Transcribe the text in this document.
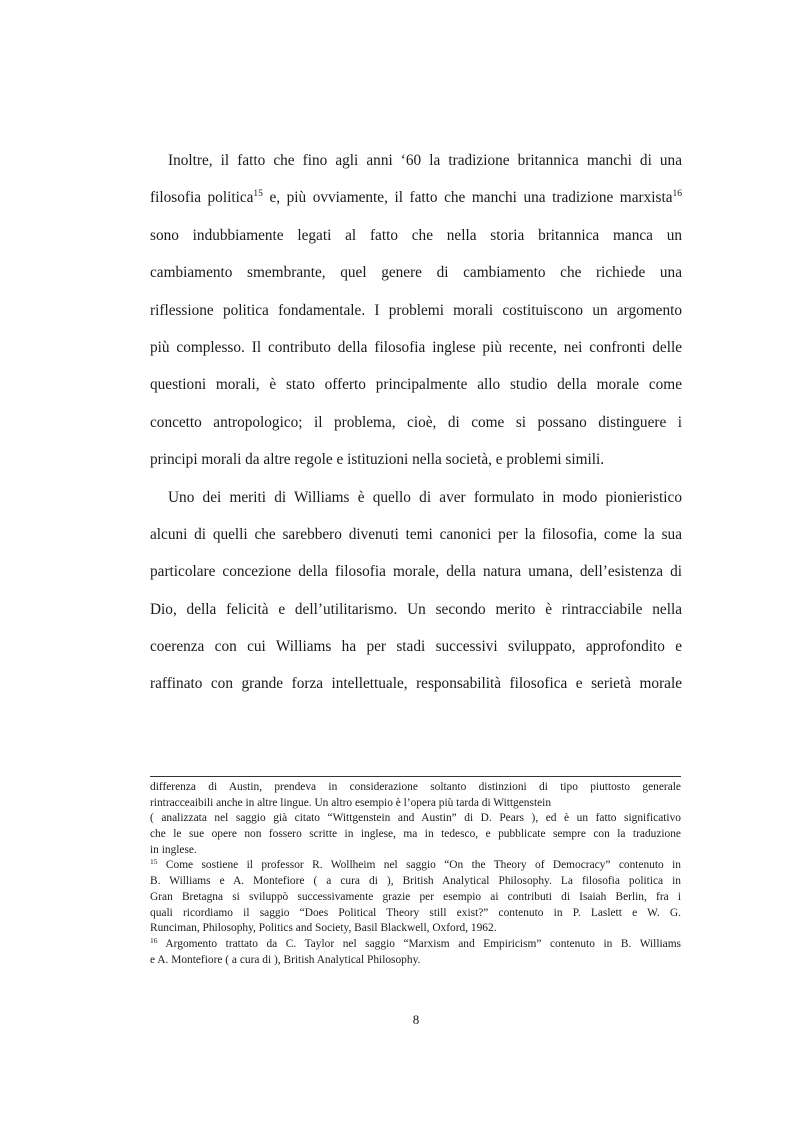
Inoltre, il fatto che fino agli anni ‘60 la tradizione britannica manchi di una
filosofia politica$^{15}$ e, più ovviamente, il fatto che manchi una tradizione marxista$^{16}$
sono indubbiamente legati al fatto che nella storia britannica manca un
cambiamento smembrante, quel genere di cambiamento che richiede una
riflessione politica fondamentale. I problemi morali costituiscono un argomento
più complesso. Il contributo della filosofia inglese più recente, nei confronti delle
questioni morali, è stato offerto principalmente allo studio della morale come
concetto antropologico; il problema, cioè, di come si possano distinguere i
principi morali da altre regole e istituzioni nella società, e problemi simili.
Uno dei meriti di Williams è quello di aver formulato in modo pionieristico
alcuni di quelli che sarebbero divenuti temi canonici per la filosofia, come la sua
particolare concezione della filosofia morale, della natura umana, dell’esistenza di
Dio, della felicità e dell’utilitarismo. Un secondo merito è rintracciabile nella
coerenza con cui Williams ha per stadi successivi sviluppato, approfondito e
raffinato con grande forza intellettuale, responsabilità filosofica e serietà morale
differenza di Austin, prendeva in considerazione soltanto distinzioni di tipo piuttosto generale
rintracceaibili anche in altre lingue. Un altro esempio è l’opera più tarda di Wittgenstein
( analizzata nel saggio già citato “Wittgenstein and Austin” di D. Pears ), ed è un fatto significativo
che le sue opere non fossero scritte in inglese, ma in tedesco, e pubblicate sempre con la traduzione
in inglese.
$^{15}$ Come sostiene il professor R. Wollheim nel saggio “On the Theory of Democracy” contenuto in
B. Williams e A. Montefiore ( a cura di ), British Analytical Philosophy. La filosofia politica in
Gran Bretagna si sviluppò successivamente grazie per esempio ai contributi di Isaiah Berlin, fra i
quali ricordiamo il saggio “Does Political Theory still exist?” contenuto in P. Laslett e W. G.
Runciman, Philosophy, Politics and Society, Basil Blackwell, Oxford, 1962.
$^{16}$ Argomento trattato da C. Taylor nel saggio “Marxism and Empiricism” contenuto in B. Williams
e A. Montefiore ( a cura di ), British Analytical Philosophy.
8
